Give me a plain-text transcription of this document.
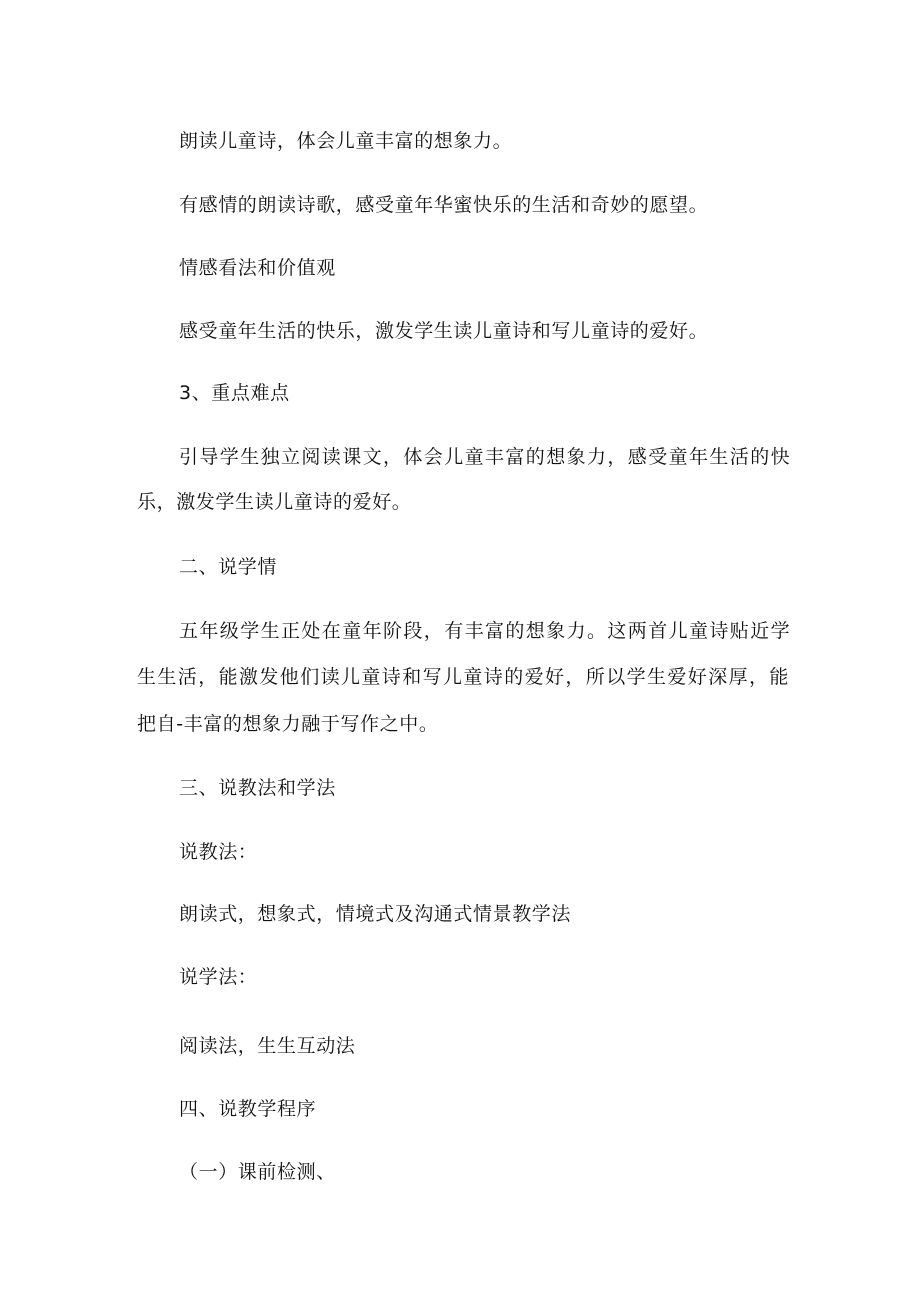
朗读儿童诗，体会儿童丰富的想象力。

有感情的朗读诗歌，感受童年华蜜快乐的生活和奇妙的愿望。

情感看法和价值观

感受童年生活的快乐，激发学生读儿童诗和写儿童诗的爱好。

3、重点难点

引导学生独立阅读课文，体会儿童丰富的想象力，感受童年生活的快

乐，激发学生读儿童诗的爱好。

二、说学情

五年级学生正处在童年阶段，有丰富的想象力。这两首儿童诗贴近学

生生活，能激发他们读儿童诗和写儿童诗的爱好，所以学生爱好深厚，能

把自-丰富的想象力融于写作之中。

三、说教法和学法

说教法：

朗读式，想象式，情境式及沟通式情景教学法

说学法：

阅读法，生生互动法

四、说教学程序

（一）课前检测、
